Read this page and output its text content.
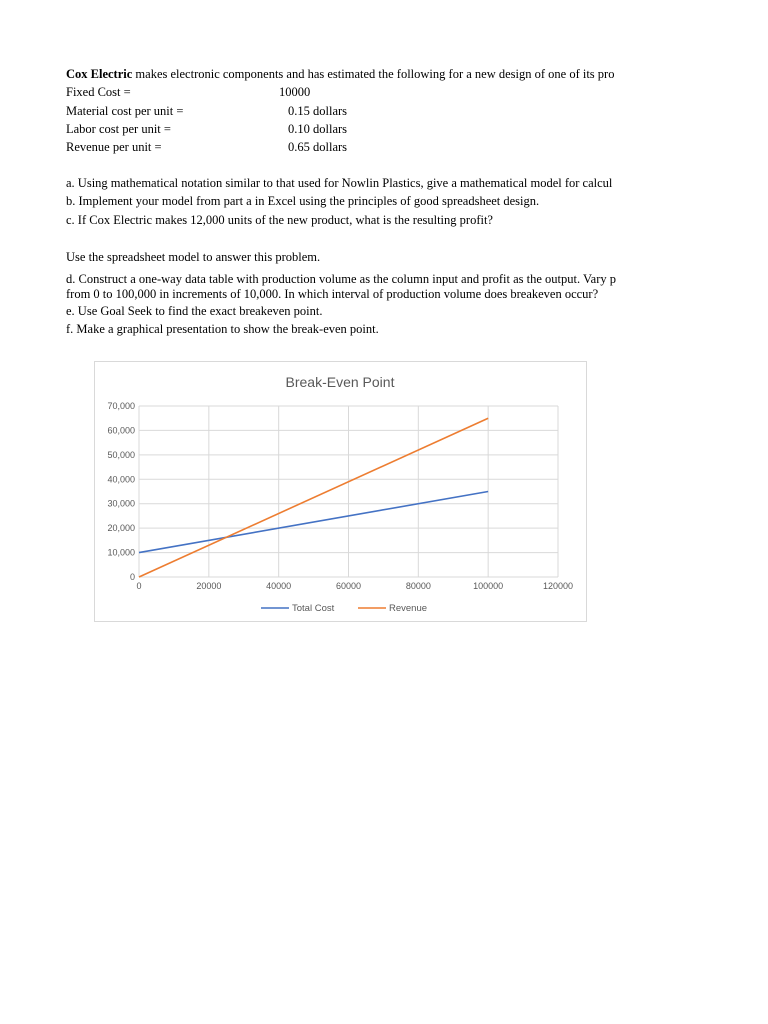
Cox Electric makes electronic components and has estimated the following for a new design of one of its pro
Fixed Cost =	10000
Material cost per unit =	0.15 dollars
Labor cost per unit =	0.10 dollars
Revenue per unit =	0.65 dollars
a. Using mathematical notation similar to that used for Nowlin Plastics, give a mathematical model for calcul
b. Implement your model from part a in Excel using the principles of good spreadsheet design.
c. If Cox Electric makes 12,000 units of the new product, what is the resulting profit?
Use the spreadsheet model to answer this problem.
d. Construct a one-way data table with production volume as the column input and profit as the output. Vary p
from 0 to 100,000 in increments of 10,000. In which interval of production volume does breakeven occur?
e. Use Goal Seek to find the exact breakeven point.
f. Make a graphical presentation to show the break-even point.
Break-Even Point
0
10,000
20,000
30,000
40,000
50,000
60,000
70,000
0	20000	40000	60000	80000	100000	120000
Total Cost	Revenue
